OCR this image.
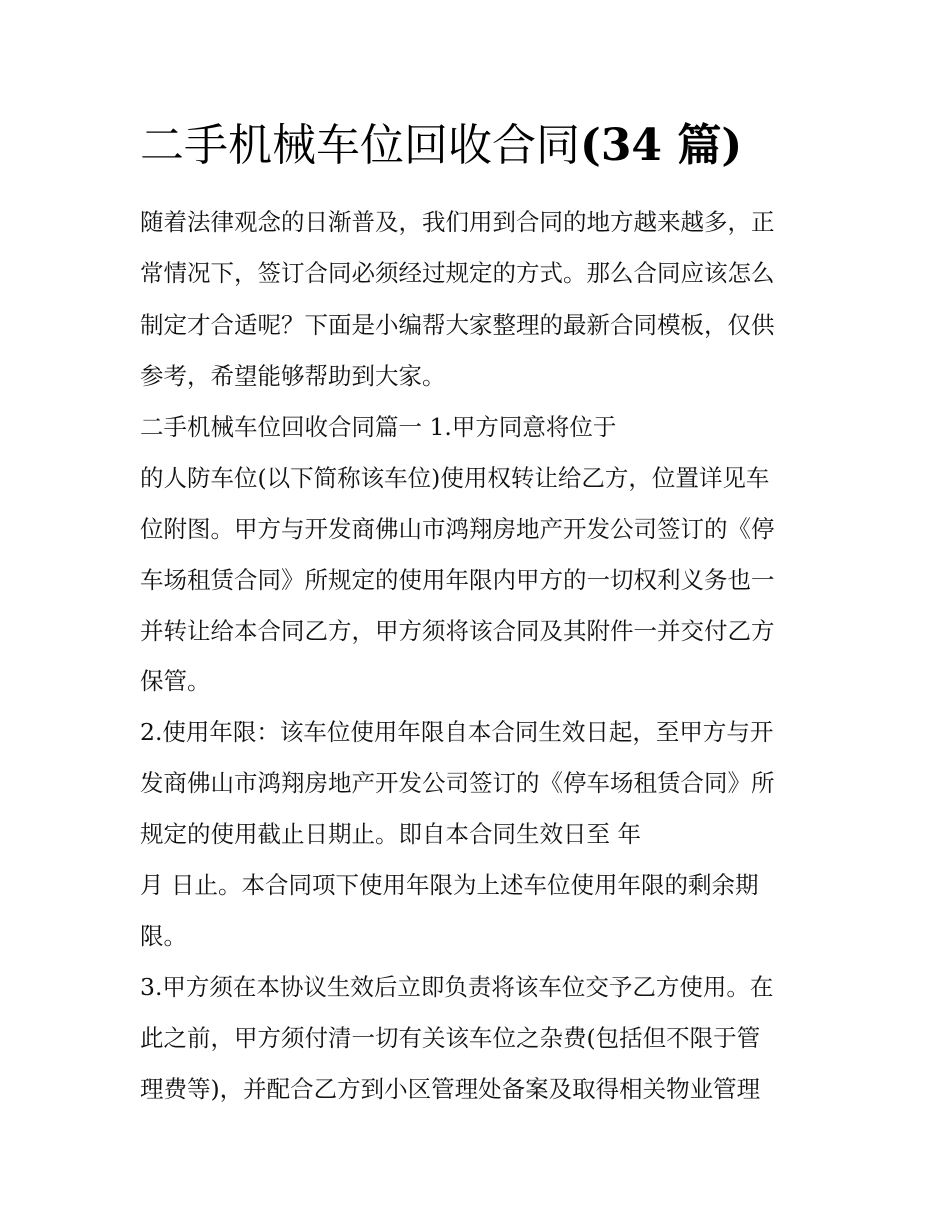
二手机械车位回收合同(34 篇)

随着法律观念的日渐普及，我们用到合同的地方越来越多，正

常情况下，签订合同必须经过规定的方式。那么合同应该怎么

制定才合适呢？下面是小编帮大家整理的最新合同模板，仅供

参考，希望能够帮助到大家。

二手机械车位回收合同篇一 1.甲方同意将位于

的人防车位(以下简称该车位)使用权转让给乙方，位置详见车

位附图。甲方与开发商佛山市鸿翔房地产开发公司签订的《停

车场租赁合同》所规定的使用年限内甲方的一切权利义务也一

并转让给本合同乙方，甲方须将该合同及其附件一并交付乙方

保管。

2.使用年限：该车位使用年限自本合同生效日起，至甲方与开

发商佛山市鸿翔房地产开发公司签订的《停车场租赁合同》所

规定的使用截止日期止。即自本合同生效日至 年

月 日止。本合同项下使用年限为上述车位使用年限的剩余期

限。

3.甲方须在本协议生效后立即负责将该车位交予乙方使用。在

此之前，甲方须付清一切有关该车位之杂费(包括但不限于管

理费等)，并配合乙方到小区管理处备案及取得相关物业管理
